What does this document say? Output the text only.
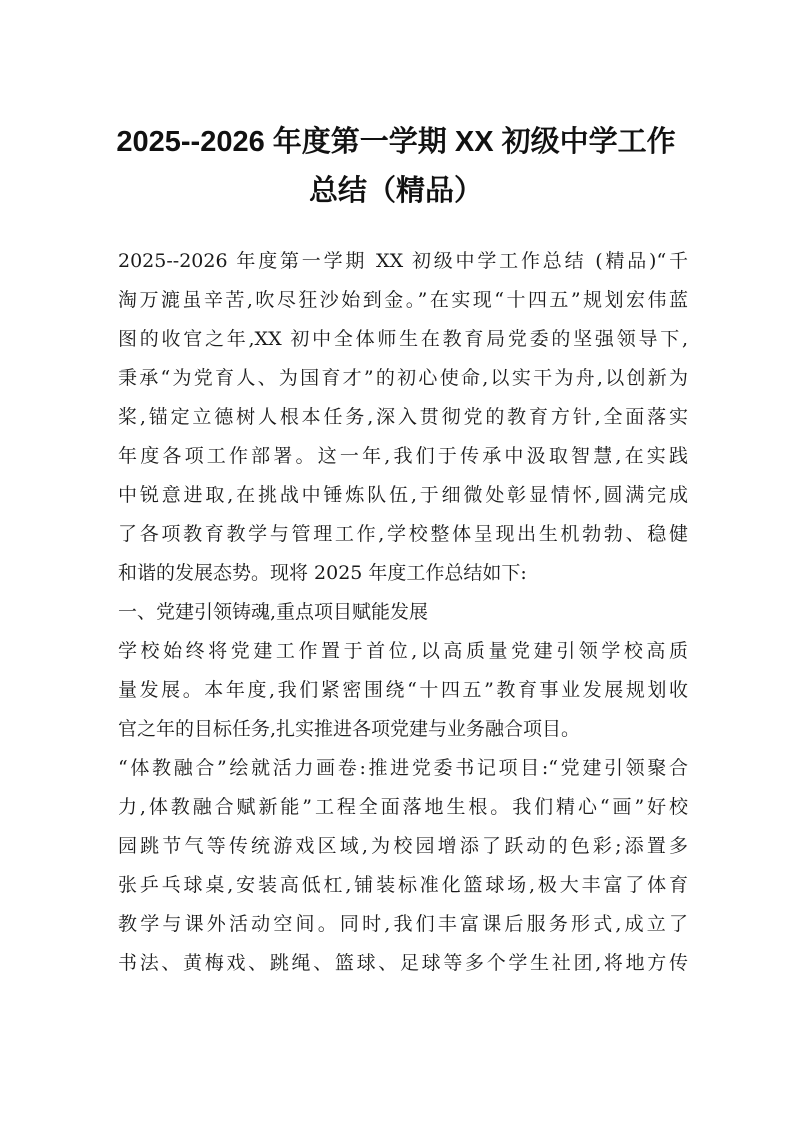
2025--2026 年度第一学期 XX 初级中学工作
总结（精品）

2025--2026 年度第一学期 XX 初级中学工作总结 (精品)“千

淘万漉虽辛苦,吹尽狂沙始到金。”在实现“十四五”规划宏伟蓝

图的收官之年,XX 初中全体师生在教育局党委的坚强领导下,

秉承“为党育人、为国育才”的初心使命,以实干为舟,以创新为

桨,锚定立德树人根本任务,深入贯彻党的教育方针,全面落实

年度各项工作部署。这一年,我们于传承中汲取智慧,在实践

中锐意进取,在挑战中锤炼队伍,于细微处彰显情怀,圆满完成

了各项教育教学与管理工作,学校整体呈现出生机勃勃、稳健

和谐的发展态势。现将 2025 年度工作总结如下:

一、党建引领铸魂,重点项目赋能发展

学校始终将党建工作置于首位,以高质量党建引领学校高质

量发展。本年度,我们紧密围绕“十四五”教育事业发展规划收

官之年的目标任务,扎实推进各项党建与业务融合项目。

“体教融合”绘就活力画卷:推进党委书记项目:“党建引领聚合

力,体教融合赋新能”工程全面落地生根。我们精心“画”好校

园跳节气等传统游戏区域,为校园增添了跃动的色彩;添置多

张乒乓球桌,安装高低杠,铺装标准化篮球场,极大丰富了体育

教学与课外活动空间。同时,我们丰富课后服务形式,成立了

书法、黄梅戏、跳绳、篮球、足球等多个学生社团,将地方传
